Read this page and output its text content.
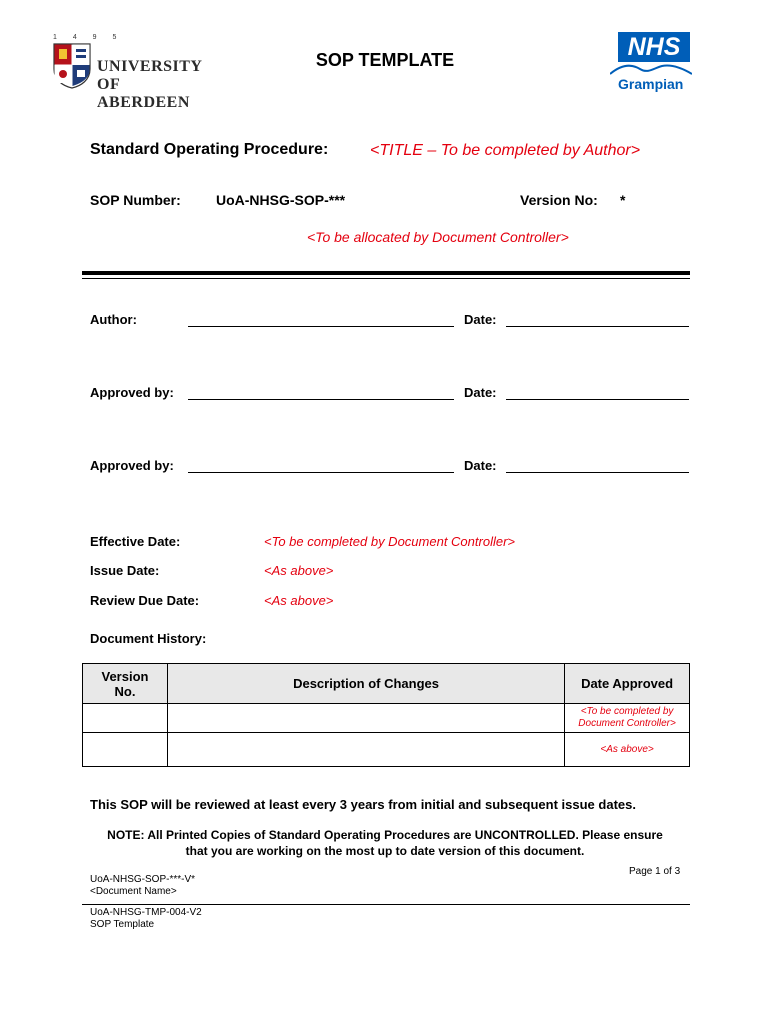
1 4 9 5
UNIVERSITY
OF ABERDEEN
SOP TEMPLATE	NHS
Grampian
Standard Operating Procedure:	<TITLE – To be completed by Author>
SOP Number:	UoA-NHSG-SOP-***	Version No: *
<To be allocated by Document Controller>
Author:	Date:
Approved by:	Date:
Approved by:	Date:
Effective Date:	<To be completed by Document Controller>
Issue Date:	<As above>
Review Due Date:	<As above>
Document History:
Version No.	Description of Changes	Date Approved
		<To be completed by Document Controller>
		<As above>
This SOP will be reviewed at least every 3 years from initial and subsequent issue dates.
NOTE: All Printed Copies of Standard Operating Procedures are UNCONTROLLED. Please ensure
that you are working on the most up to date version of this document.
Page 1 of 3
UoA-NHSG-SOP-***-V*
<Document Name>
UoA-NHSG-TMP-004-V2
SOP Template
